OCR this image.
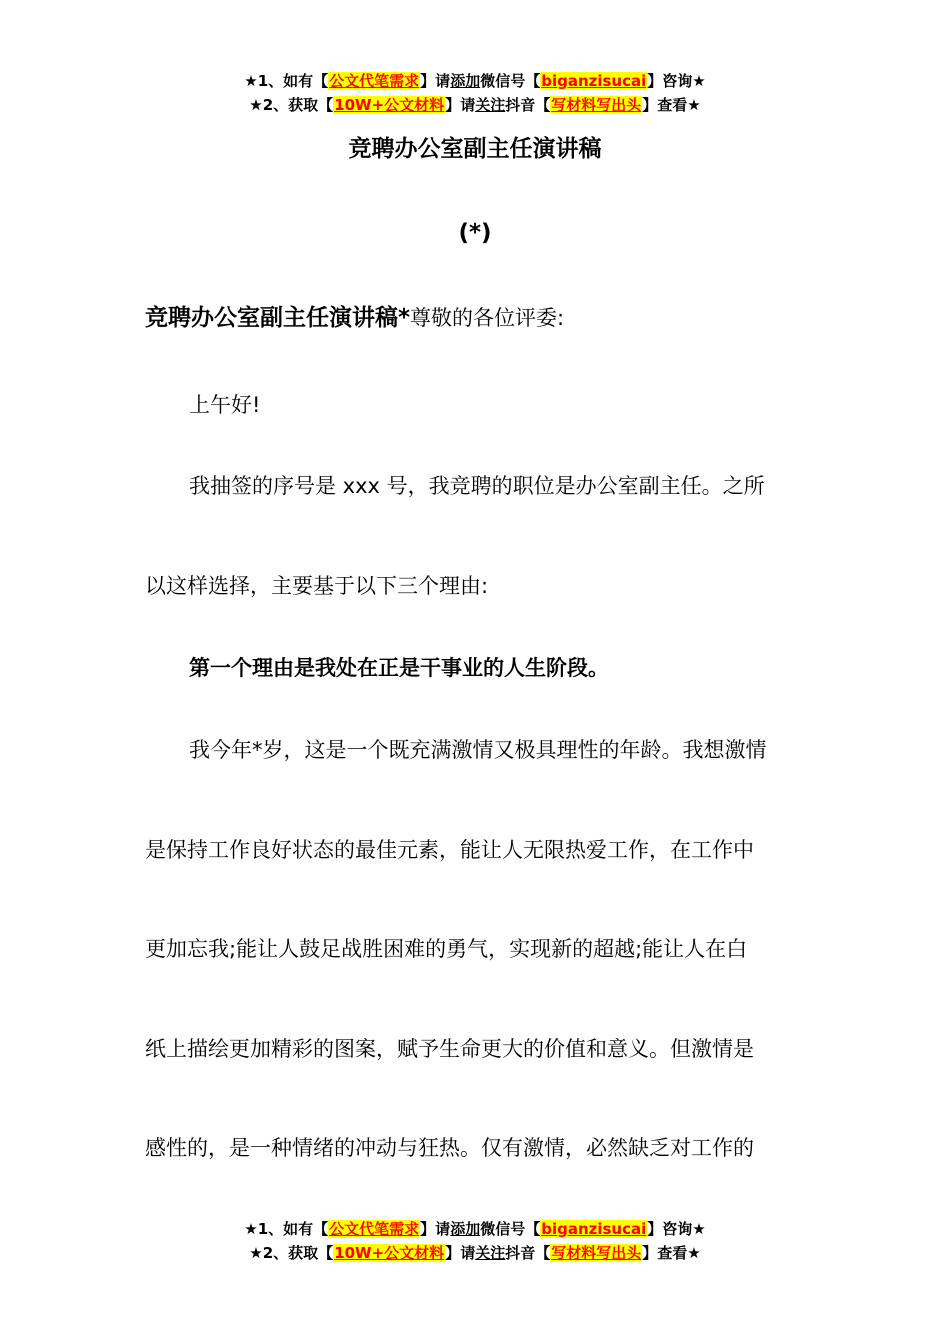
★1、如有【公文代笔需求】请添加微信号【biganzisucai】咨询★
★2、获取【10W+公文材料】请关注抖音【写材料写出头】查看★
竞聘办公室副主任演讲稿
(*)
竞聘办公室副主任演讲稿*尊敬的各位评委:
上午好!
我抽签的序号是 xxx 号，我竞聘的职位是办公室副主任。之所
以这样选择，主要基于以下三个理由:
第一个理由是我处在正是干事业的人生阶段。
我今年*岁，这是一个既充满激情又极具理性的年龄。我想激情
是保持工作良好状态的最佳元素，能让人无限热爱工作，在工作中
更加忘我;能让人鼓足战胜困难的勇气，实现新的超越;能让人在白
纸上描绘更加精彩的图案，赋予生命更大的价值和意义。但激情是
感性的，是一种情绪的冲动与狂热。仅有激情，必然缺乏对工作的
★1、如有【公文代笔需求】请添加微信号【biganzisucai】咨询★
★2、获取【10W+公文材料】请关注抖音【写材料写出头】查看★
